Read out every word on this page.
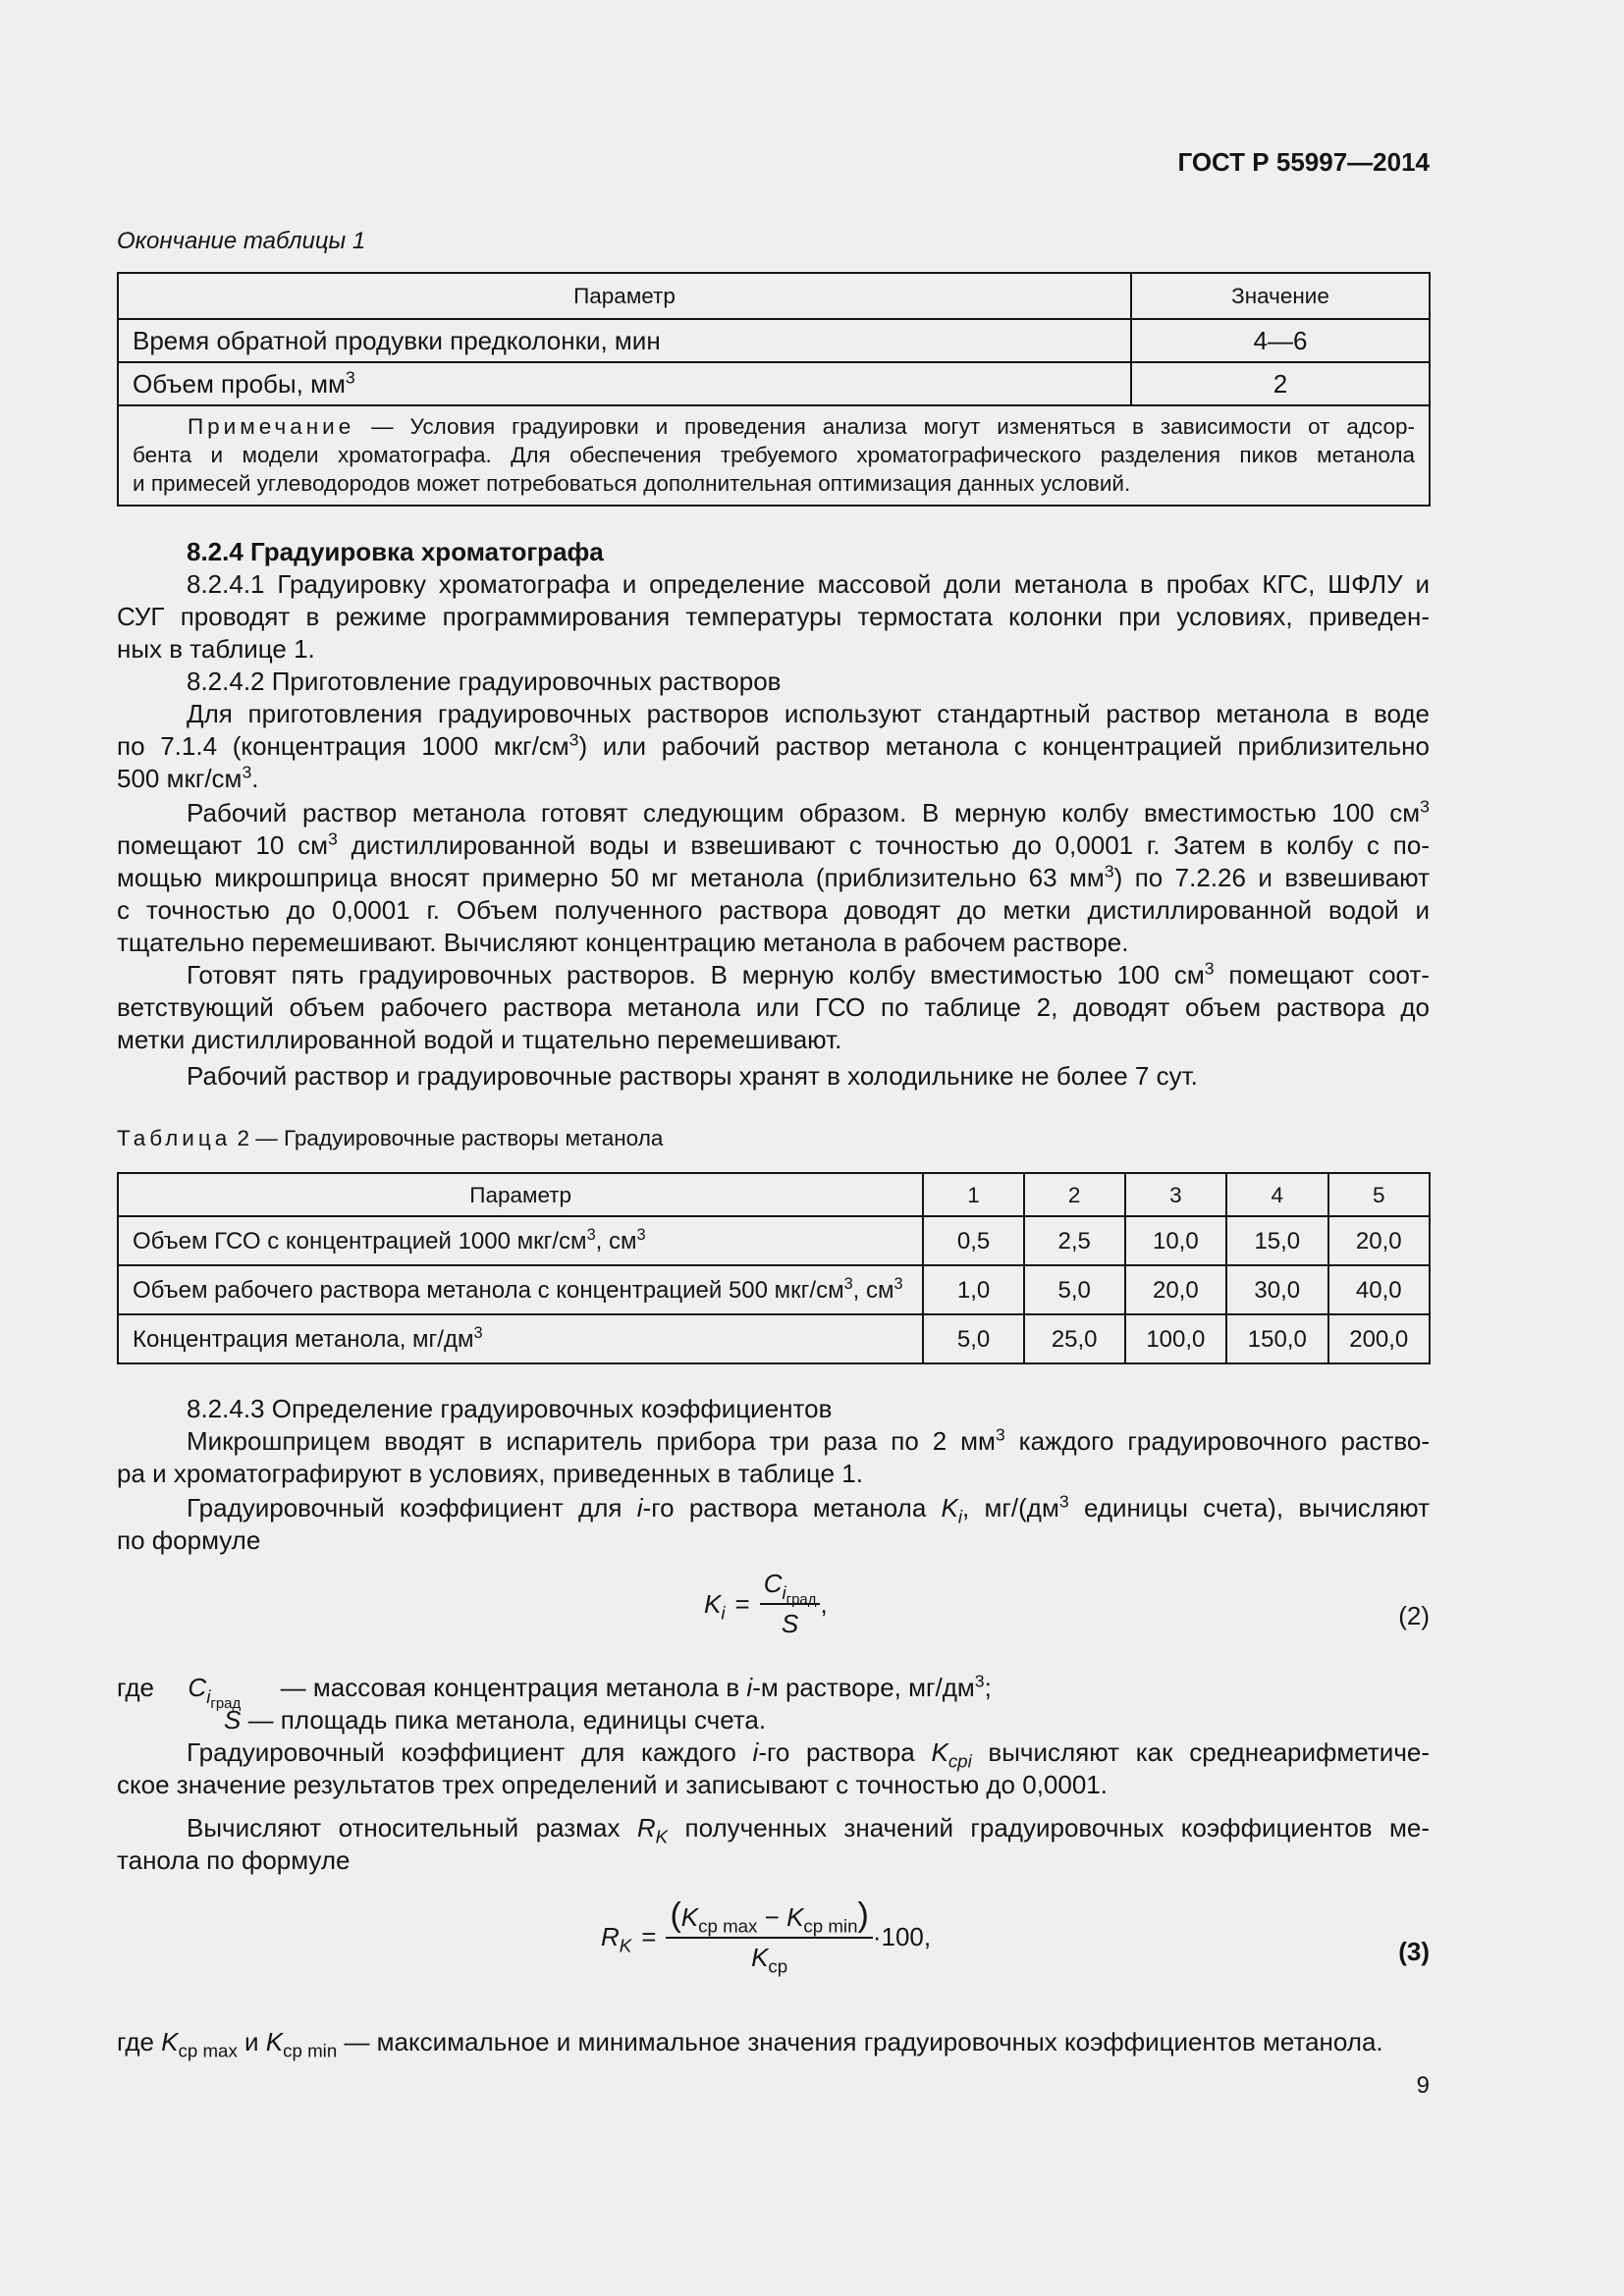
ГОСТ Р 55997—2014
Окончание таблицы 1
Параметр	Значение
Время обратной продувки предколонки, мин	4—6
Объем пробы, $мм^3$	2

Примечание — Условия градуировки и проведения анализа могут изменяться в зависимости от адсор-
бента и модели хроматографа. Для обеспечения требуемого хроматографического разделения пиков метанола
и примесей углеводородов может потребоваться дополнительная оптимизация данных условий.	
8.2.4 Градуировка хроматографа
8.2.4.1 Градуировку хроматографа и определение массовой доли метанола в пробах КГС, ШФЛУ и
СУГ проводят в режиме программирования температуры термостата колонки при условиях, приведен-
ных в таблице 1.
8.2.4.2 Приготовление градуировочных растворов
Для приготовления градуировочных растворов используют стандартный раствор метанола в воде
по 7.1.4 (концентрация 1000 мкг/$см^3$) или рабочий раствор метанола с концентрацией приблизительно
500 мкг/$см^3$.
Рабочий раствор метанола готовят следующим образом. В мерную колбу вместимостью 100 $см^3$
помещают 10 $см^3$ дистиллированной воды и взвешивают с точностью до 0,0001 г. Затем в колбу с по-
мощью микрошприца вносят примерно 50 мг метанола (приблизительно 63 $мм^3$) по 7.2.26 и взвешивают
с точностью до 0,0001 г. Объем полученного раствора доводят до метки дистиллированной водой и
тщательно перемешивают. Вычисляют концентрацию метанола в рабочем растворе.
Готовят пять градуировочных растворов. В мерную колбу вместимостью 100 $см^3$ помещают соот-
ветствующий объем рабочего раствора метанола или ГСО по таблице 2, доводят объем раствора до
метки дистиллированной водой и тщательно перемешивают.
Рабочий раствор и градуировочные растворы хранят в холодильнике не более 7 сут.
Таблица 2 — Градуировочные растворы метанола
Параметр	1	2	3	4	5
Объем ГСО с концентрацией 1000 мкг/$см^3$, $см^3$	0,5	2,5	10,0	15,0	20,0
Объем рабочего раствора метанола с концентрацией 500 мкг/$см^3$, $см^3$	1,0	5,0	20,0	30,0	40,0
Концентрация метанола, $мг/дм^3$	5,0	25,0	100,0	150,0	200,0
8.2.4.3 Определение градуировочных коэффициентов
Микрошприцем вводят в испаритель прибора три раза по 2 $мм^3$ каждого градуировочного раство-
ра и хроматографируют в условиях, приведенных в таблице 1.
Градуировочный коэффициент для i-го раствора метанола $K_i$, $мг/(дм^3$ единицы счета), вычисляют
по формуле
$K_i = \frac{C_{i_{град}}}{S}$ ,	(2)
где $C_{i_{град}}$  — массовая концентрация метанола в i-м растворе, $мг/дм^3$;
S — площадь пика метанола, единицы счета.
Градуировочный коэффициент для каждого i-го раствора $K_{срi}$ вычисляют как среднеарифметиче-
ское значение результатов трех определений и записывают с точностью до 0,0001.
Вычисляют относительный размах $R_K$ полученных значений градуировочных коэффициентов ме-
танола по формуле
$R_K = \frac{(K_{ср max} - K_{ср min})}{K_{ср}} \cdot 100$,
(3)
где $K_{ср max}$ и $K_{ср min}$ — максимальное и минимальное значения градуировочных коэффициентов метанола.
9
